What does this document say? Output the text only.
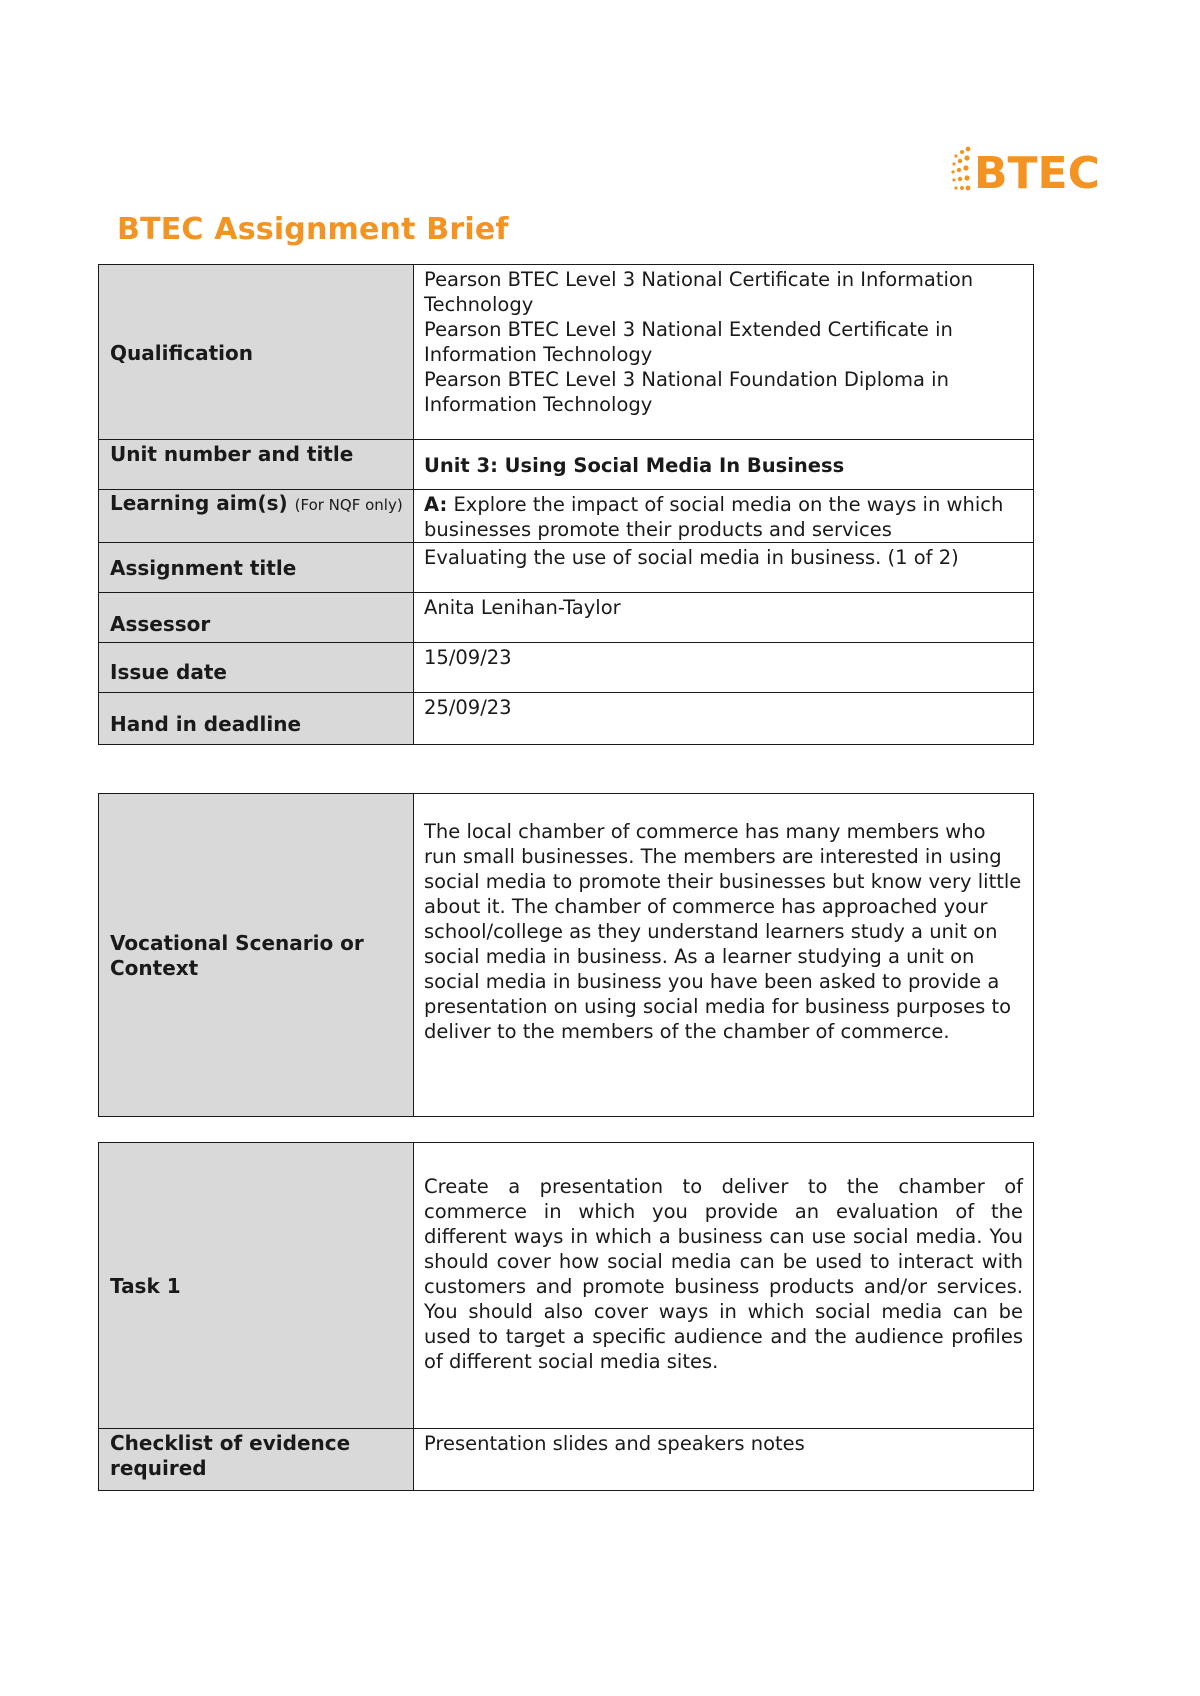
BTEC
BTEC Assignment Brief
Qualification	Pearson BTEC Level 3 National Certificate in Information Technology
Pearson BTEC Level 3 National Extended Certificate in Information Technology
Pearson BTEC Level 3 National Foundation Diploma in Information Technology

Unit number and title	Unit 3: Using Social Media In Business
Learning aim(s) (For NQF only)	A: Explore the impact of social media on the ways in which businesses promote their products and services
Assignment title	Evaluating the use of social media in business. (1 of 2)
Assessor	Anita Lenihan-Taylor
Issue date	15/09/23
Hand in deadline	25/09/23
Vocational Scenario or Context	The local chamber of commerce has many members who run small businesses. The members are interested in using social media to promote their businesses but know very little about it. The chamber of commerce has approached your school/college as they understand learners study a unit on social media in business. As a learner studying a unit on social media in business you have been asked to provide a presentation on using social media for business purposes to deliver to the members of the chamber of commerce.
Task 1	Create a presentation to deliver to the chamber of commerce in which you provide an evaluation of the different ways in which a business can use social media. You should cover how social media can be used to interact with customers and promote business products and/or services. You should also cover ways in which social media can be used to target a specific audience and the audience profiles of different social media sites.
Checklist of evidence required	Presentation slides and speakers notes
